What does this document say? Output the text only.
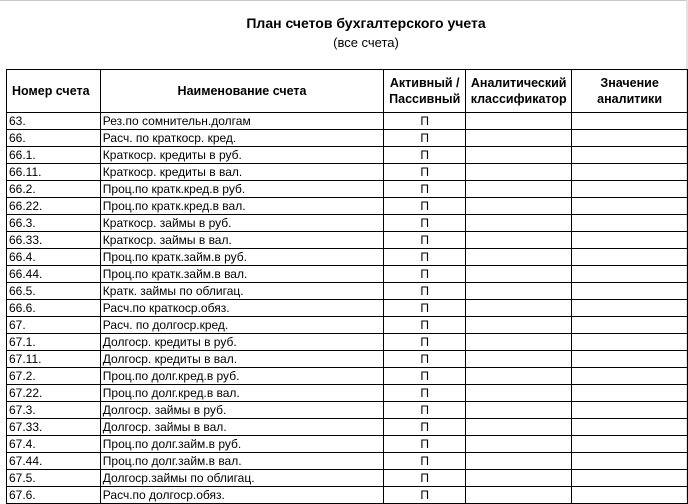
План счетов бухгалтерского учета
(все счета)
Номер счета	Наименование счета	Активный / Пассивный	Аналитический классификатор	Значение аналитики
63.	Рез.по сомнительн.долгам	П		
66.	Расч. по краткоср. кред.	П		
66.1.	Краткоср. кредиты в руб.	П		
66.11.	Краткоср. кредиты в вал.	П		
66.2.	Проц.по кратк.кред.в руб.	П		
66.22.	Проц.по кратк.кред.в вал.	П		
66.3.	Краткоср. займы в руб.	П		
66.33.	Краткоср. займы в вал.	П		
66.4.	Проц.по кратк.займ.в руб.	П		
66.44.	Проц.по кратк.займ.в вал.	П		
66.5.	Кратк. займы по облигац.	П		
66.6.	Расч.по краткоср.обяз.	П		
67.	Расч. по долгоср.кред.	П		
67.1.	Долгоср. кредиты в руб.	П		
67.11.	Долгоср. кредиты в вал.	П		
67.2.	Проц.по долг.кред.в руб.	П		
67.22.	Проц.по долг.кред.в вал.	П		
67.3.	Долгоср. займы в руб.	П		
67.33.	Долгоср. займы в вал.	П		
67.4.	Проц.по долг.займ.в руб.	П		
67.44.	Проц.по долг.займ.в вал.	П		
67.5.	Долгоср.займы по облигац.	П		
67.6.	Расч.по долгоср.обяз.	П		
